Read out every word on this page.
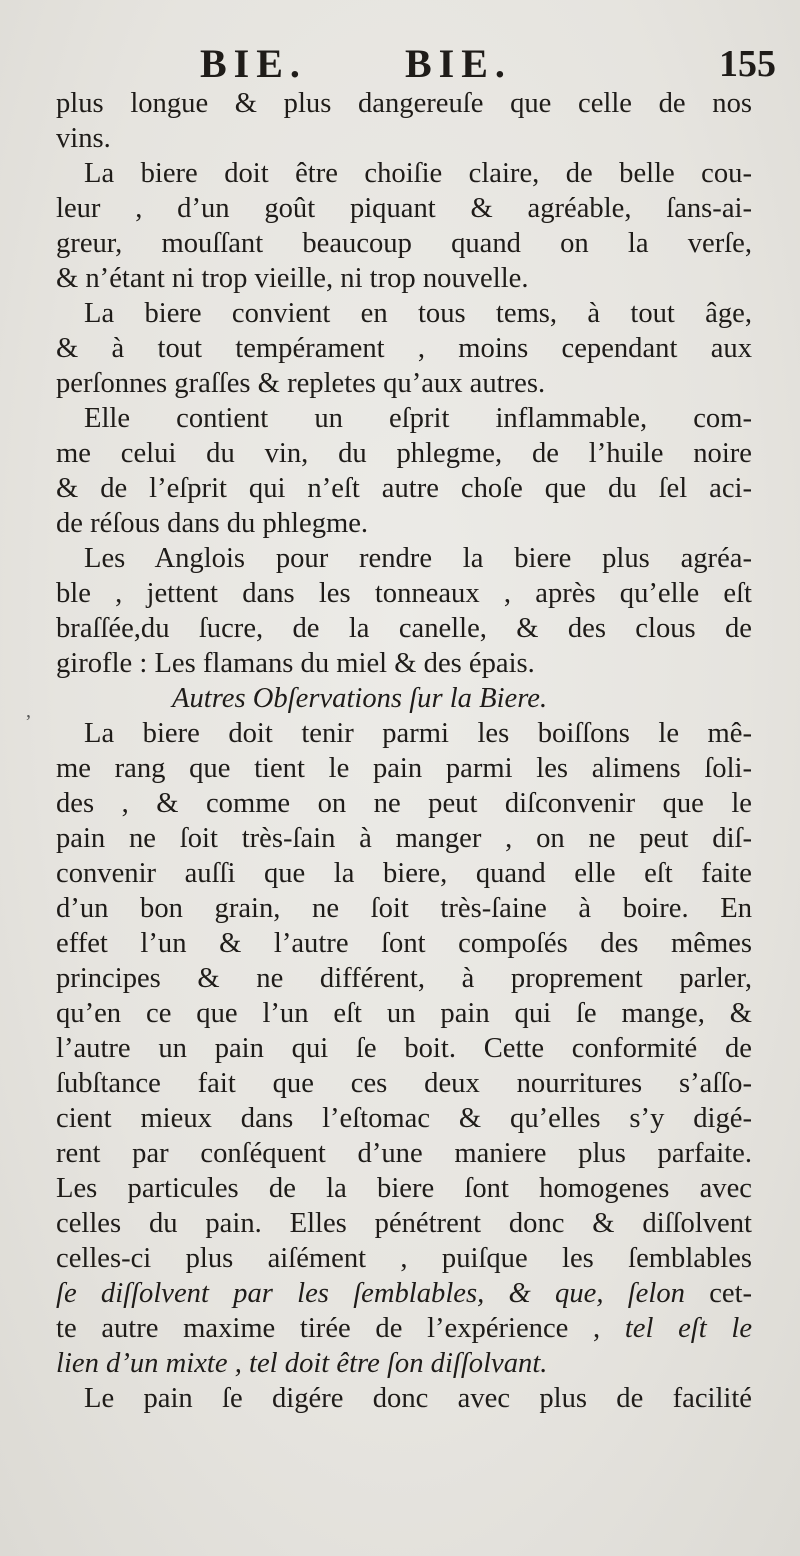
BIE. BIE.	155
plus longue & plus dangereuſe que celle de nos
vins.
La biere doit être choiſie claire, de belle cou-
leur , d’un goût piquant & agréable, ſans-ai-
greur, mouſſant beaucoup quand on la verſe,
& n’étant ni trop vieille, ni trop nouvelle.
La biere convient en tous tems, à tout âge,
& à tout tempérament , moins cependant aux
perſonnes graſſes & repletes qu’aux autres.
Elle contient un eſprit inflammable, com-
me celui du vin, du phlegme, de l’huile noire
& de l’eſprit qui n’eſt autre choſe que du ſel aci-
de réſous dans du phlegme.
Les Anglois pour rendre la biere plus agréa-
ble , jettent dans les tonneaux , après qu’elle eſt
braſſée,du ſucre, de la canelle, & des clous de
girofle : Les flamans du miel & des épais.
Autres Obſervations ſur la Biere.
La biere doit tenir parmi les boiſſons le mê-
me rang que tient le pain parmi les alimens ſoli-
des , & comme on ne peut diſconvenir que le
pain ne ſoit très-ſain à manger , on ne peut diſ-
convenir auſſi que la biere, quand elle eſt faite
d’un bon grain, ne ſoit très-ſaine à boire. En
effet l’un & l’autre ſont compoſés des mêmes
principes & ne différent, à proprement parler,
qu’en ce que l’un eſt un pain qui ſe mange, &
l’autre un pain qui ſe boit. Cette conformité de
ſubſtance fait que ces deux nourritures s’aſſo-
cient mieux dans l’eſtomac & qu’elles s’y digé-
rent par conſéquent d’une maniere plus parfaite.
Les particules de la biere ſont homogenes avec
celles du pain. Elles pénétrent donc & diſſolvent
celles-ci plus aiſément , puiſque les ſemblables
ſe diſſolvent par les ſemblables, & que, ſelon cet-
te autre maxime tirée de l’expérience , tel eſt le
lien d’un mixte , tel doit être ſon diſſolvant.
Le pain ſe digére donc avec plus de facilité
,
